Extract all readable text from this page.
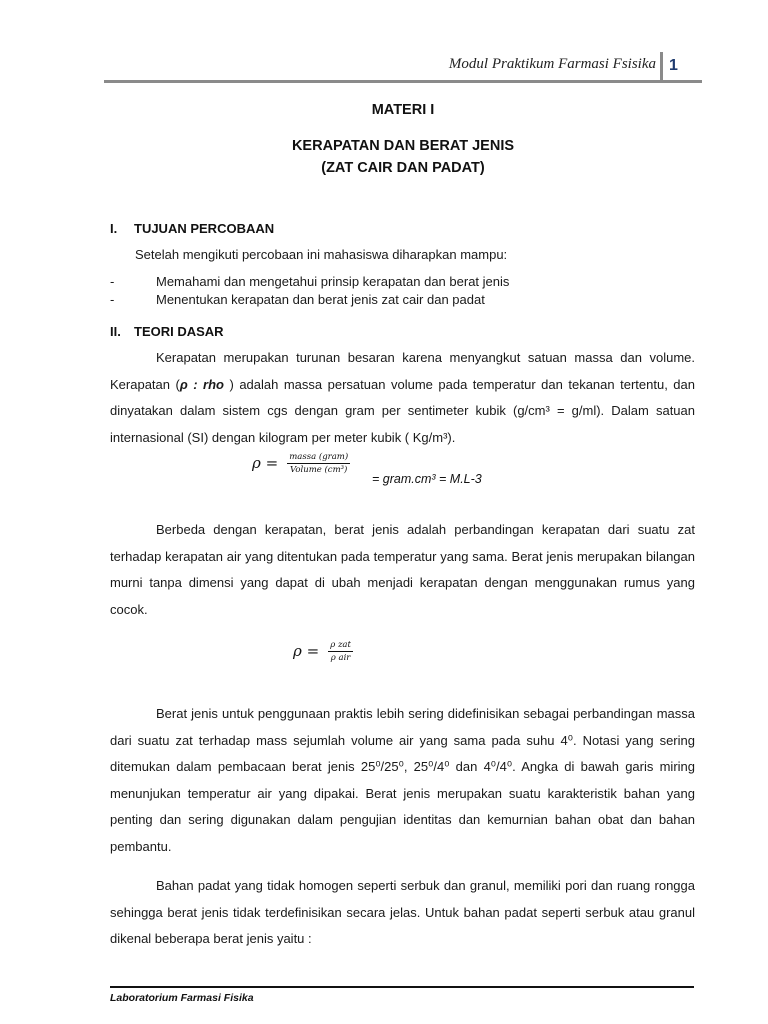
Modul Praktikum Farmasi Fsisika 1
MATERI I
KERAPATAN DAN BERAT JENIS
(ZAT CAIR DAN PADAT)
I. TUJUAN PERCOBAAN
Setelah mengikuti percobaan ini mahasiswa diharapkan mampu:
-	Memahami dan mengetahui prinsip kerapatan dan berat jenis
-	Menentukan kerapatan dan berat jenis zat cair dan padat
II. TEORI DASAR
Kerapatan merupakan turunan besaran karena menyangkut satuan massa dan volume. Kerapatan (ρ : rho ) adalah massa persatuan volume pada temperatur dan tekanan tertentu, dan dinyatakan dalam sistem cgs dengan gram per sentimeter kubik (g/cm³ = g/ml). Dalam satuan internasional (SI) dengan kilogram per meter kubik ( Kg/m³).
$\rho = \frac{\text{massa (gram)}}{\text{Volume (cm³)}}$
= gram.cm³ = M.L-3
Berbeda dengan kerapatan, berat jenis adalah perbandingan kerapatan dari suatu zat terhadap kerapatan air yang ditentukan pada temperatur yang sama. Berat jenis merupakan bilangan murni tanpa dimensi yang dapat di ubah menjadi kerapatan dengan menggunakan rumus yang cocok.
$\rho = \frac{\text{ρ zat}}{\text{ρ air}}$
Berat jenis untuk penggunaan praktis lebih sering didefinisikan sebagai perbandingan massa dari suatu zat terhadap mass sejumlah volume air yang sama pada suhu 4⁰. Notasi yang sering ditemukan dalam pembacaan berat jenis 25⁰/25⁰, 25⁰/4⁰ dan 4⁰/4⁰. Angka di bawah garis miring menunjukan temperatur air yang dipakai. Berat jenis merupakan suatu karakteristik bahan yang penting dan sering digunakan dalam pengujian identitas dan kemurnian bahan obat dan bahan pembantu.
Bahan padat yang tidak homogen seperti serbuk dan granul, memiliki pori dan ruang rongga sehingga berat jenis tidak terdefinisikan secara jelas. Untuk bahan padat seperti serbuk atau granul dikenal beberapa berat jenis yaitu :
Laboratorium Farmasi Fisika
